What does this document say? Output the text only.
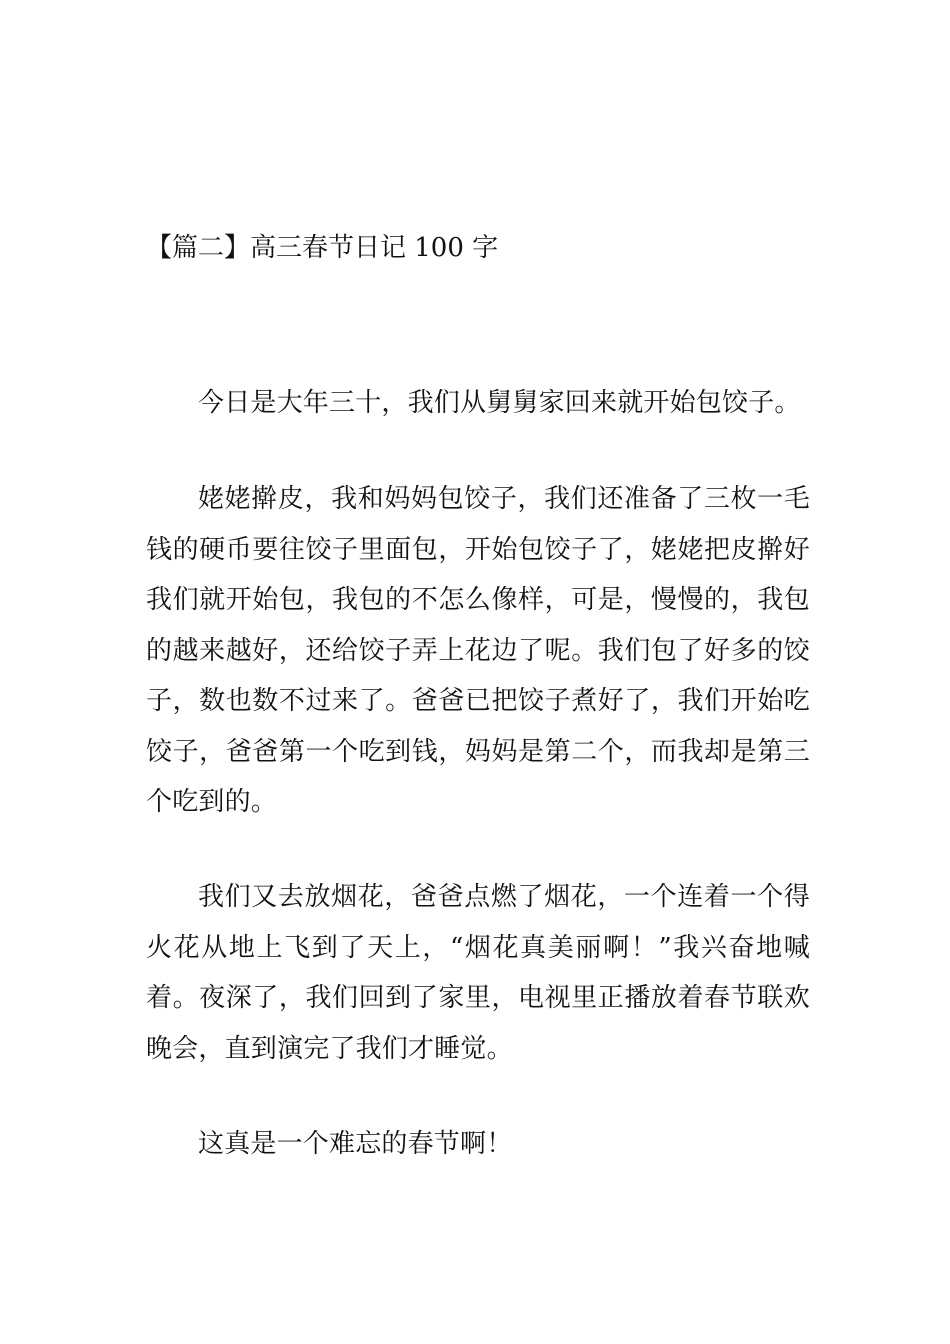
【篇二】高三春节日记 100 字

今日是大年三十，我们从舅舅家回来就开始包饺子。

姥姥擀皮，我和妈妈包饺子，我们还准备了三枚一毛钱的硬币要往饺子里面包，开始包饺子了，姥姥把皮擀好我们就开始包，我包的不怎么像样，可是，慢慢的，我包的越来越好，还给饺子弄上花边了呢。我们包了好多的饺子，数也数不过来了。爸爸已把饺子煮好了，我们开始吃饺子，爸爸第一个吃到钱，妈妈是第二个，而我却是第三个吃到的。

我们又去放烟花，爸爸点燃了烟花，一个连着一个得火花从地上飞到了天上，“烟花真美丽啊！”我兴奋地喊着。夜深了，我们回到了家里，电视里正播放着春节联欢晚会，直到演完了我们才睡觉。

这真是一个难忘的春节啊！
